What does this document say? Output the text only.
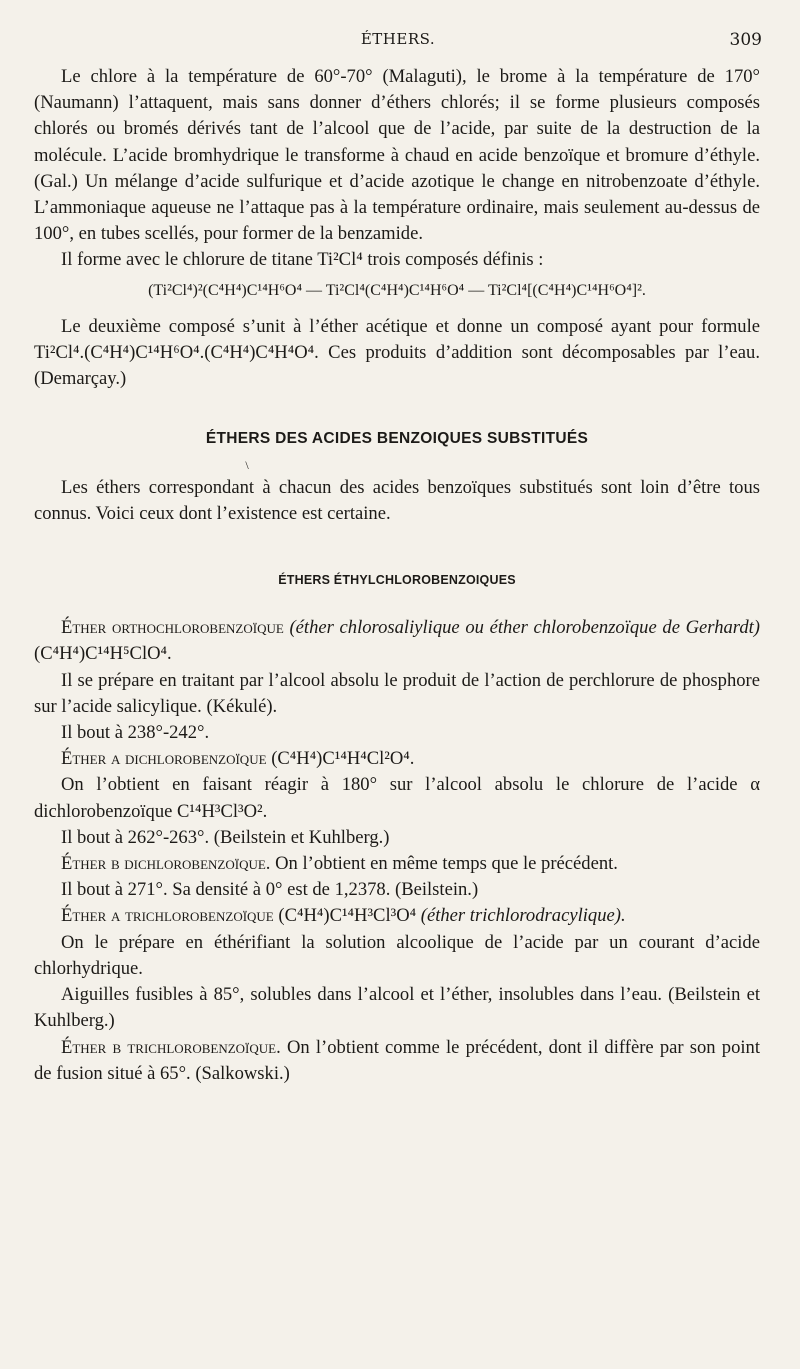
ÉTHERS.	309

Le chlore à la température de 60°-70° (Malaguti), le brome à la température de 170° (Naumann) l’attaquent, mais sans donner d’éthers chlorés; il se forme plusieurs composés chlorés ou bromés dérivés tant de l’alcool que de l’acide, par suite de la destruction de la molécule. L’acide bromhydrique le transforme à chaud en acide benzoïque et bromure d’éthyle. (Gal.) Un mélange d’acide sulfurique et d’acide azotique le change en nitrobenzoate d’éthyle. L’ammoniaque aqueuse ne l’attaque pas à la température ordinaire, mais seulement au-dessus de 100°, en tubes scellés, pour former de la benzamide.

Il forme avec le chlorure de titane Ti²Cl⁴ trois composés définis :

(Ti²Cl⁴)²(C⁴H⁴)C¹⁴H⁶O⁴ — Ti²Cl⁴(C⁴H⁴)C¹⁴H⁶O⁴ — Ti²Cl⁴[(C⁴H⁴)C¹⁴H⁶O⁴]².

Le deuxième composé s’unit à l’éther acétique et donne un composé ayant pour formule Ti²Cl⁴.(C⁴H⁴)C¹⁴H⁶O⁴.(C⁴H⁴)C⁴H⁴O⁴. Ces produits d’addition sont décomposables par l’eau. (Demarçay.)

ÉTHERS DES ACIDES BENZOIQUES SUBSTITUÉS

\

Les éthers correspondant à chacun des acides benzoïques substitués sont loin d’être tous connus. Voici ceux dont l’existence est certaine.

ÉTHERS ÉTHYLCHLOROBENZOIQUES

Éther orthochlorobenzoïque (éther chlorosaliylique ou éther chlorobenzoïque de Gerhardt) (C⁴H⁴)C¹⁴H⁵ClO⁴.

Il se prépare en traitant par l’alcool absolu le produit de l’action de perchlorure de phosphore sur l’acide salicylique. (Kékulé).

Il bout à 238°-242°.

Éther α dichlorobenzoïque (C⁴H⁴)C¹⁴H⁴Cl²O⁴.

On l’obtient en faisant réagir à 180° sur l’alcool absolu le chlorure de l’acide α dichlorobenzoïque C¹⁴H³Cl³O².

Il bout à 262°-263°. (Beilstein et Kuhlberg.)

Éther β dichlorobenzoïque. On l’obtient en même temps que le précédent.

Il bout à 271°. Sa densité à 0° est de 1,2378. (Beilstein.)

Éther α trichlorobenzoïque (C⁴H⁴)C¹⁴H³Cl³O⁴ (éther trichlorodracylique).

On le prépare en éthérifiant la solution alcoolique de l’acide par un courant d’acide chlorhydrique.

Aiguilles fusibles à 85°, solubles dans l’alcool et l’éther, insolubles dans l’eau. (Beilstein et Kuhlberg.)

Éther β trichlorobenzoïque. On l’obtient comme le précédent, dont il diffère par son point de fusion situé à 65°. (Salkowski.)
